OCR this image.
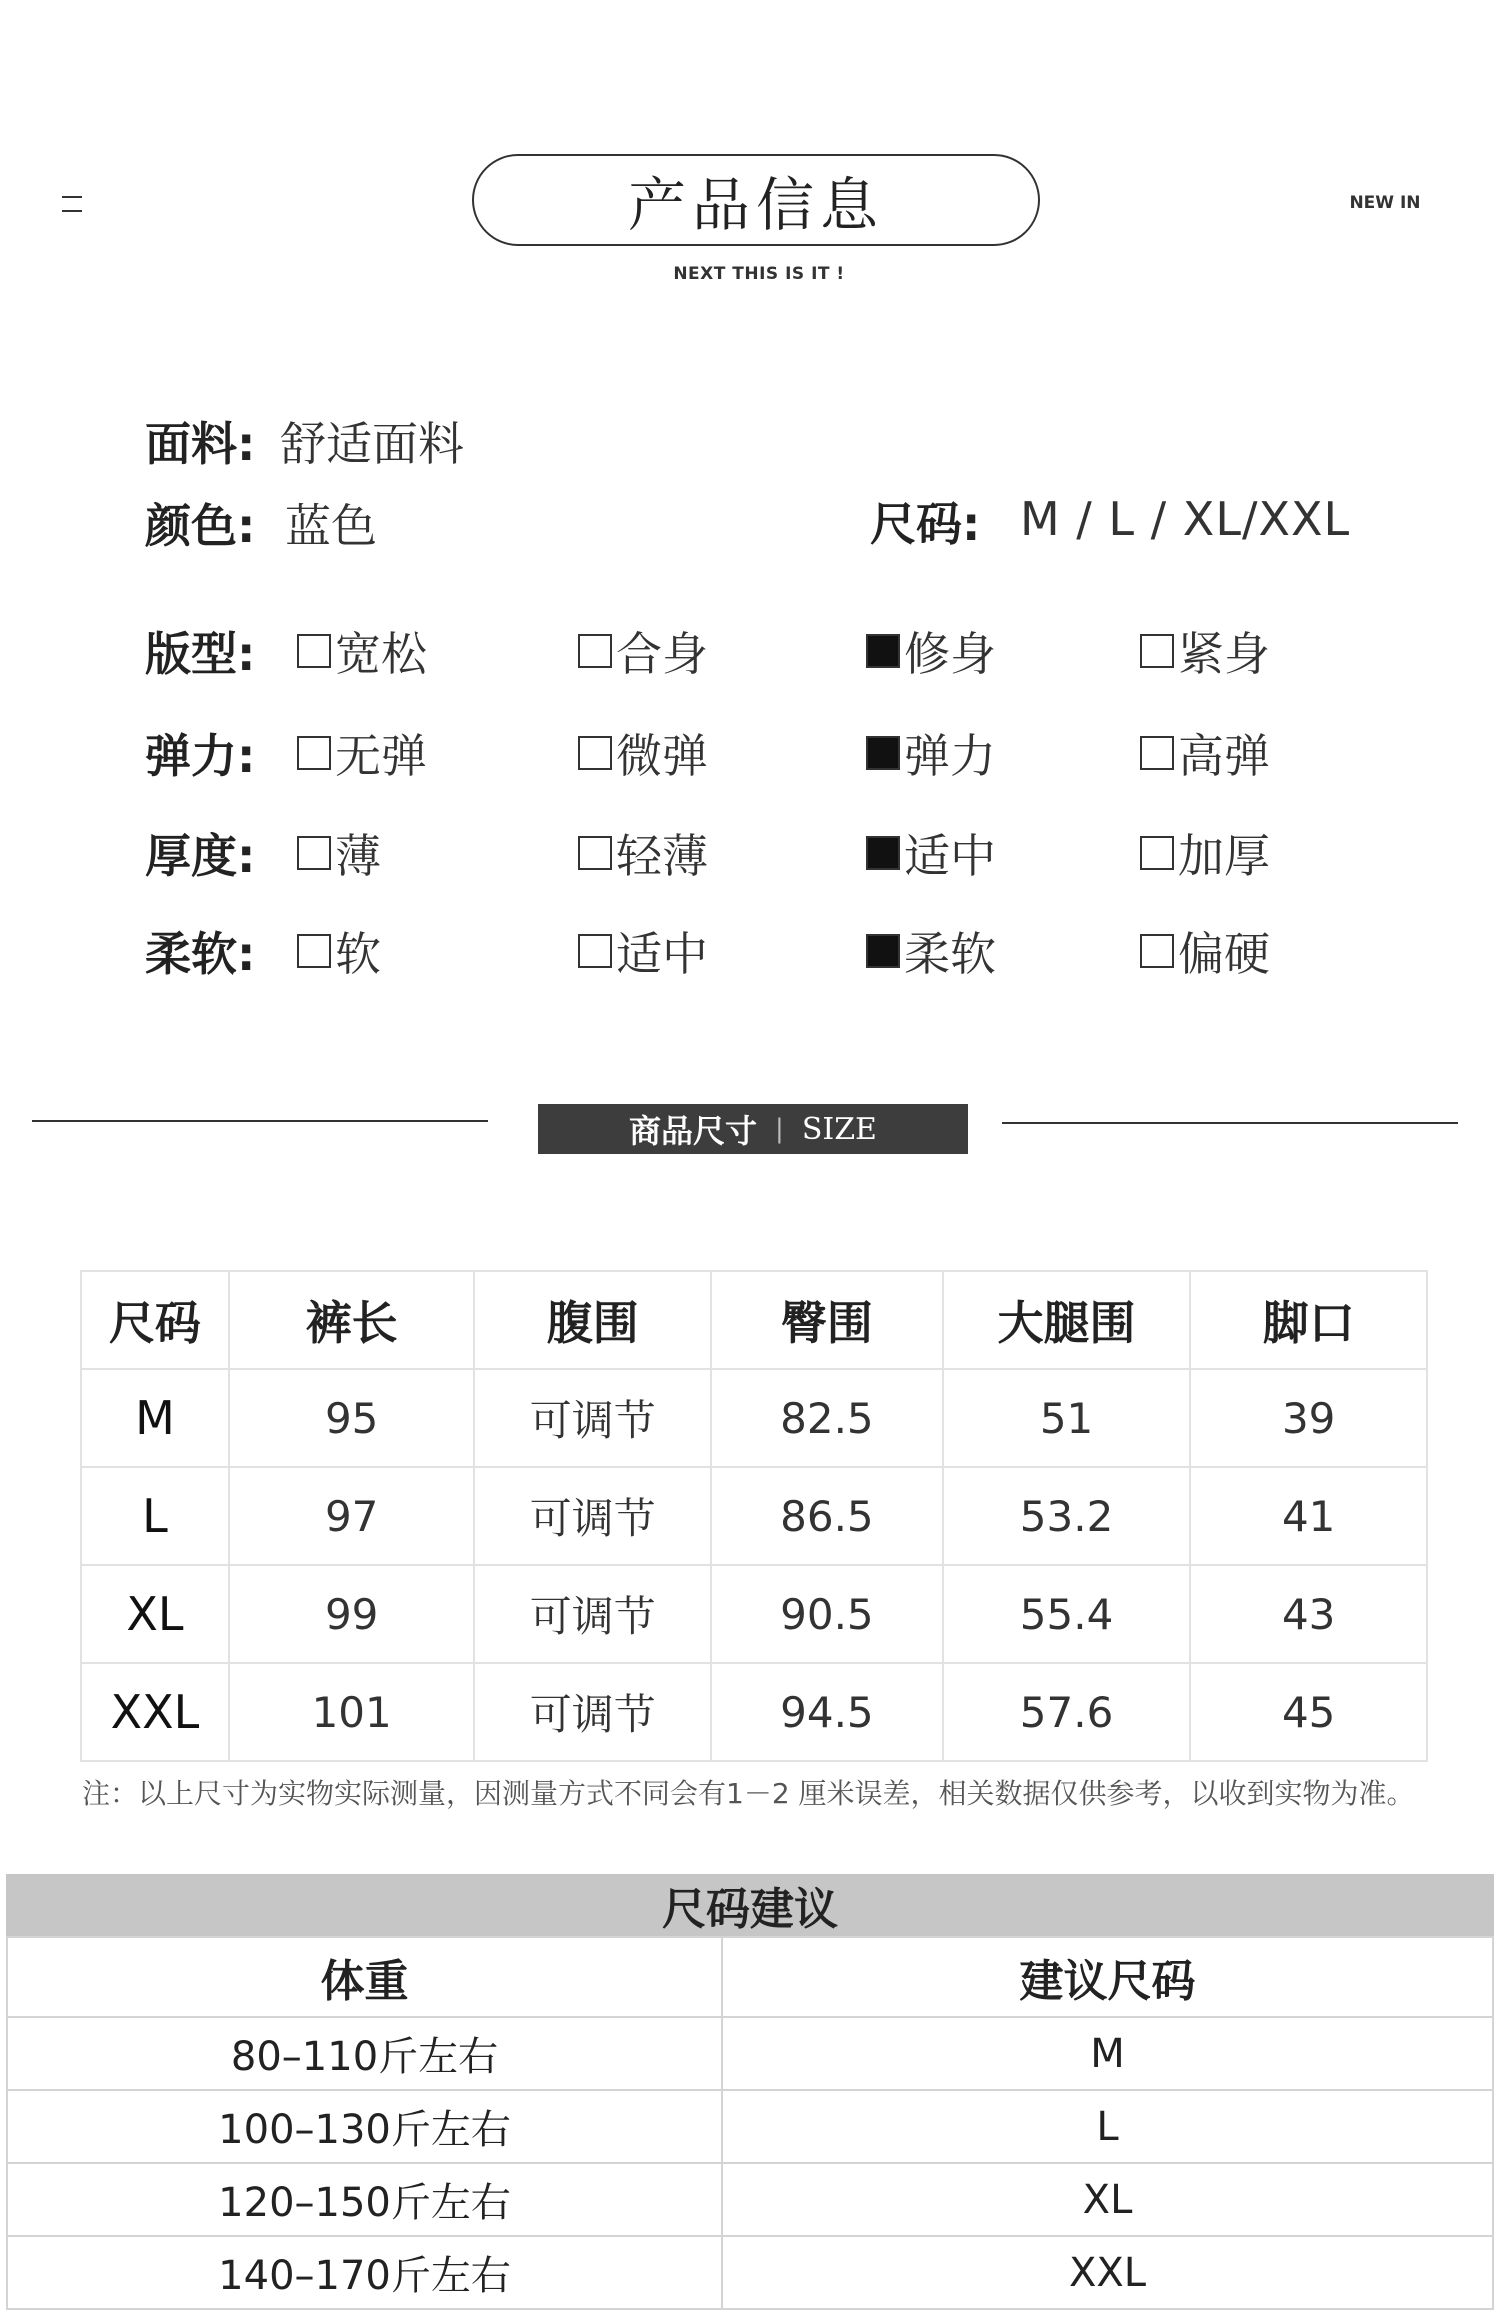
产品信息
NEXT THIS IS IT !
NEW IN
面料: 舒适面料
颜色: 蓝色	尺码: M / L / XL/XXL
版型: 宽松	合身	修身	紧身
弹力: 无弹	微弹	弹力	高弹
厚度: 薄	轻薄	适中	加厚
柔软: 软	适中	柔软	偏硬
商品尺寸 | SIZE
尺码	裤长	腹围	臀围	大腿围	脚口
M	95	可调节	82.5	51	39
L	97	可调节	86.5	53.2	41
XL	99	可调节	90.5	55.4	43
XXL	101	可调节	94.5	57.6	45
注：以上尺寸为实物实际测量，因测量方式不同会有1－2 厘米误差，相关数据仅供参考，以收到实物为准。
尺码建议
体重	建议尺码
80–110斤左右	M
100–130斤左右	L
120–150斤左右	XL
140–170斤左右	XXL
